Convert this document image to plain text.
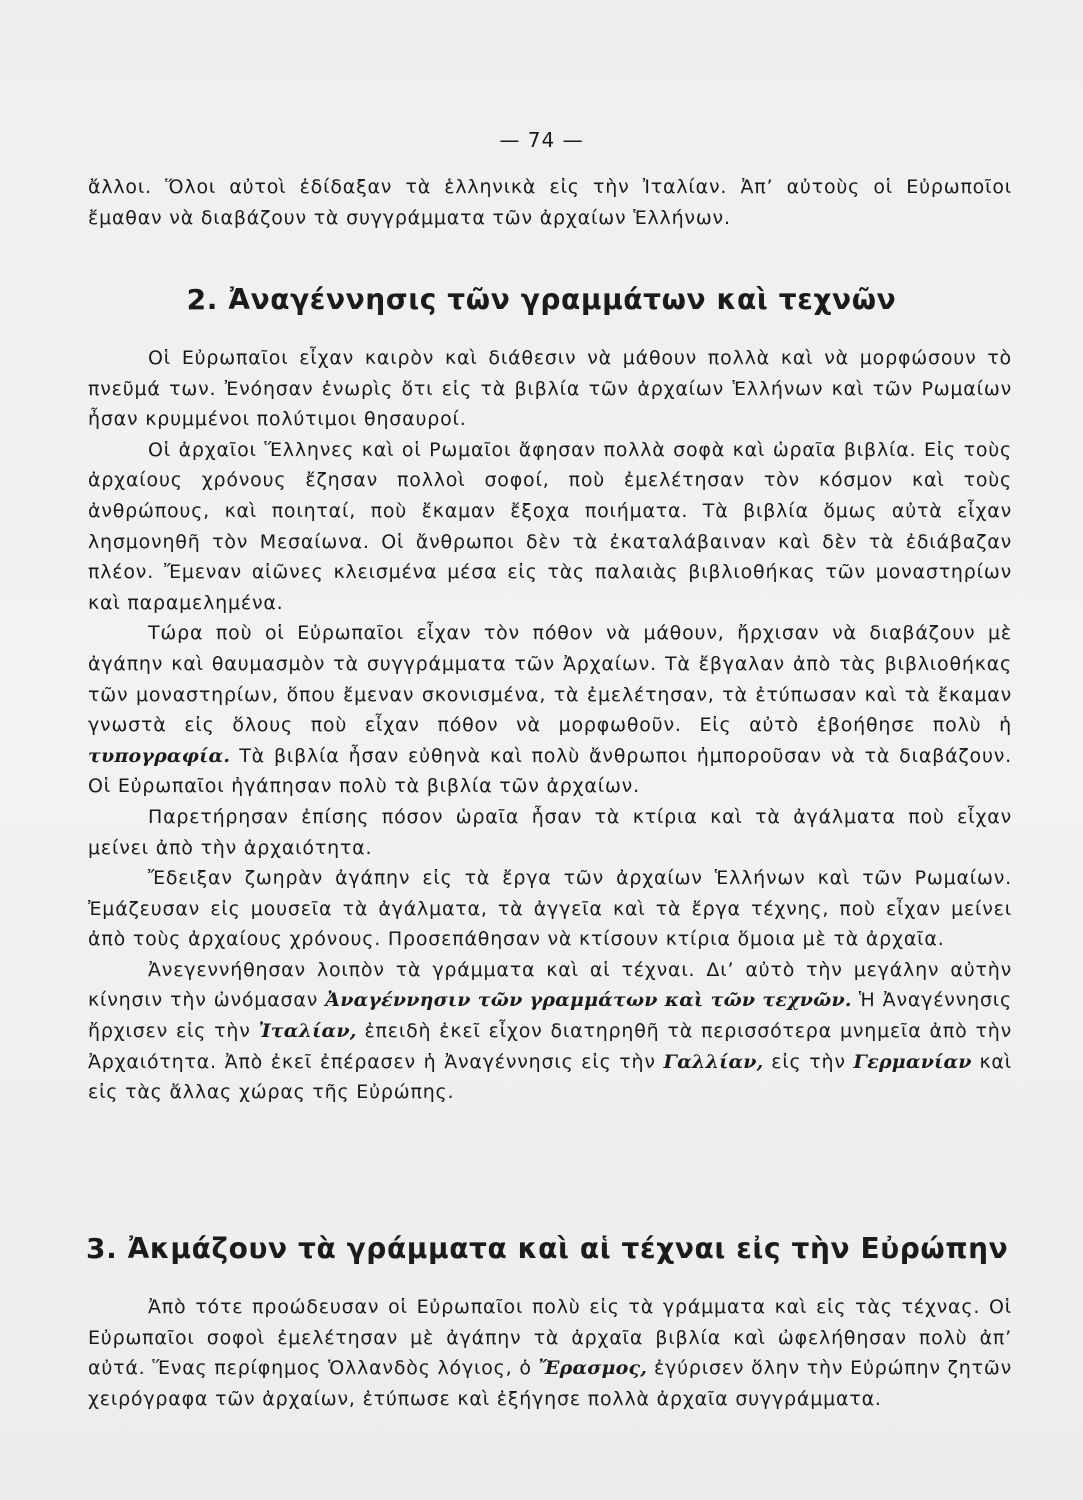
— 74 —

ἄλλοι. Ὅλοι αὐτοὶ ἐδίδαξαν τὰ ἑλληνικὰ εἰς τὴν Ἰταλίαν. Ἀπ’ αὐτοὺς οἱ Εὐρωποῖοι ἔμαθαν νὰ διαβάζουν τὰ συγγράμματα τῶν ἀρχαίων Ἑλλήνων.

2. Ἀναγέννησις τῶν γραμμάτων καὶ τεχνῶν

Οἱ Εὐρωπαῖοι εἶχαν καιρὸν καὶ διάθεσιν νὰ μάθουν πολλὰ καὶ νὰ μορφώσουν τὸ πνεῦμά των. Ἐνόησαν ἐνωρὶς ὅτι εἰς τὰ βιβλία τῶν ἀρχαίων Ἑλλήνων καὶ τῶν Ρωμαίων ἦσαν κρυμμένοι πολύτιμοι θησαυροί.

Οἱ ἀρχαῖοι Ἕλληνες καὶ οἱ Ρωμαῖοι ἄφησαν πολλὰ σοφὰ καὶ ὡραῖα βιβλία. Εἰς τοὺς ἀρχαίους χρόνους ἔζησαν πολλοὶ σοφοί, ποὺ ἐμελέτησαν τὸν κόσμον καὶ τοὺς ἀνθρώπους, καὶ ποιηταί, ποὺ ἔκαμαν ἔξοχα ποιήματα. Τὰ βιβλία ὅμως αὐτὰ εἶχαν λησμονηθῆ τὸν Μεσαίωνα. Οἱ ἄνθρωποι δὲν τὰ ἐκαταλάβαιναν καὶ δὲν τὰ ἐδιάβαζαν πλέον. Ἔμεναν αἰῶνες κλεισμένα μέσα εἰς τὰς παλαιὰς βιβλιοθήκας τῶν μοναστηρίων καὶ παραμελημένα.

Τώρα ποὺ οἱ Εὐρωπαῖοι εἶχαν τὸν πόθον νὰ μάθουν, ἤρχισαν νὰ διαβάζουν μὲ ἀγάπην καὶ θαυμασμὸν τὰ συγγράμματα τῶν Ἀρχαίων. Τὰ ἔβγαλαν ἀπὸ τὰς βιβλιοθήκας τῶν μοναστηρίων, ὅπου ἔμεναν σκονισμένα, τὰ ἐμελέτησαν, τὰ ἐτύπωσαν καὶ τὰ ἔκαμαν γνωστὰ εἰς ὅλους ποὺ εἶχαν πόθον νὰ μορφωθοῦν. Εἰς αὐτὸ ἐβοήθησε πολὺ ἡ τυπογραφία. Τὰ βιβλία ἦσαν εὐθηνὰ καὶ πολὺ ἄνθρωποι ἠμποροῦσαν νὰ τὰ διαβάζουν. Οἱ Εὐρωπαῖοι ἠγάπησαν πολὺ τὰ βιβλία τῶν ἀρχαίων.

Παρετήρησαν ἐπίσης πόσον ὡραῖα ἦσαν τὰ κτίρια καὶ τὰ ἀγάλματα ποὺ εἶχαν μείνει ἀπὸ τὴν ἀρχαιότητα.

Ἔδειξαν ζωηρὰν ἀγάπην εἰς τὰ ἔργα τῶν ἀρχαίων Ἑλλήνων καὶ τῶν Ρωμαίων. Ἐμάζευσαν εἰς μουσεῖα τὰ ἀγάλματα, τὰ ἀγγεῖα καὶ τὰ ἔργα τέχνης, ποὺ εἶχαν μείνει ἀπὸ τοὺς ἀρχαίους χρόνους. Προσεπάθησαν νὰ κτίσουν κτίρια ὅμοια μὲ τὰ ἀρχαῖα.

Ἀνεγεννήθησαν λοιπὸν τὰ γράμματα καὶ αἱ τέχναι. Δι’ αὐτὸ τὴν μεγάλην αὐτὴν κίνησιν τὴν ὠνόμασαν Ἀναγέννησιν τῶν γραμμάτων καὶ τῶν τεχνῶν. Ἡ Ἀναγέννησις ἤρχισεν εἰς τὴν Ἰταλίαν, ἐπειδὴ ἐκεῖ εἶχον διατηρηθῆ τὰ περισσότερα μνημεῖα ἀπὸ τὴν Ἀρχαιότητα. Ἀπὸ ἐκεῖ ἐπέρασεν ἡ Ἀναγέννησις εἰς τὴν Γαλλίαν, εἰς τὴν Γερμανίαν καὶ εἰς τὰς ἄλλας χώρας τῆς Εὐρώπης.

3. Ἀκμάζουν τὰ γράμματα καὶ αἱ τέχναι εἰς τὴν Εὐρώπην

Ἀπὸ τότε προώδευσαν οἱ Εὐρωπαῖοι πολὺ εἰς τὰ γράμματα καὶ εἰς τὰς τέχνας. Οἱ Εὐρωπαῖοι σοφοὶ ἐμελέτησαν μὲ ἀγάπην τὰ ἀρχαῖα βιβλία καὶ ὠφελήθησαν πολὺ ἀπ’ αὐτά. Ἕνας περίφημος Ὁλλανδὸς λόγιος, ὁ Ἔρασμος, ἐγύρισεν ὅλην τὴν Εὐρώπην ζητῶν χειρόγραφα τῶν ἀρχαίων, ἐτύπωσε καὶ ἐξήγησε πολλὰ ἀρχαῖα συγγράμματα.
